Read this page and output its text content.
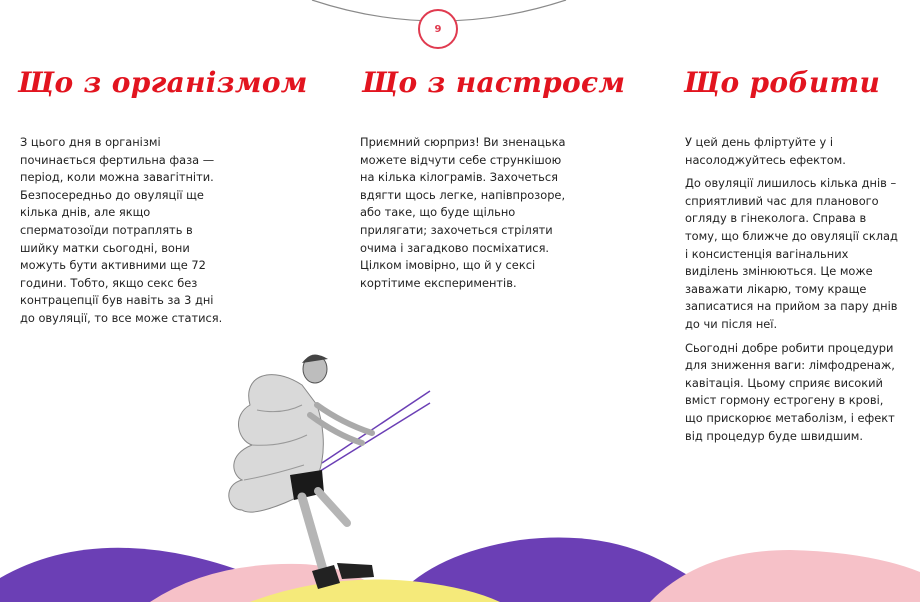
9
Що з організмом

З цього дня в організмі починається фертильна фаза — період, коли можна завагітніти. Безпосередньо до овуляції ще кілька днів, але якщо сперматозоїди потраплять в шийку матки сьогодні, вони можуть бути активними ще 72 години. Тобто, якщо секс без контрацепції був навіть за 3 дні до овуляції, то все може статися.

Що з настроєм

Приємний сюрприз! Ви зненацька можете відчути себе стрункішою на кілька кілограмів. Захочеться вдягти щось легке, напівпрозоре, або таке, що буде щільно прилягати; захочеться стріляти очима і загадково посміхатися. Цілком імовірно, що й у сексі кортітиме експериментів.

Що робити

У цей день флiртуйте у і насолоджуйтесь ефектом.

До овуляції лишилось кілька днів – сприятливий час для планового огляду в гінеколога. Справа в тому, що ближче до овуляції склад і консистенція вагінальних виділень змінюються. Це може заважати лікарю, тому краще записатися на прийом за пару днів до чи після неї.

Сьогодні добре робити процедури для зниження ваги: лімфодренаж, кавітація. Цьому сприяє високий вміст гормону естрогену в крові, що прискорює метаболізм, і ефект від процедур буде швидшим.
